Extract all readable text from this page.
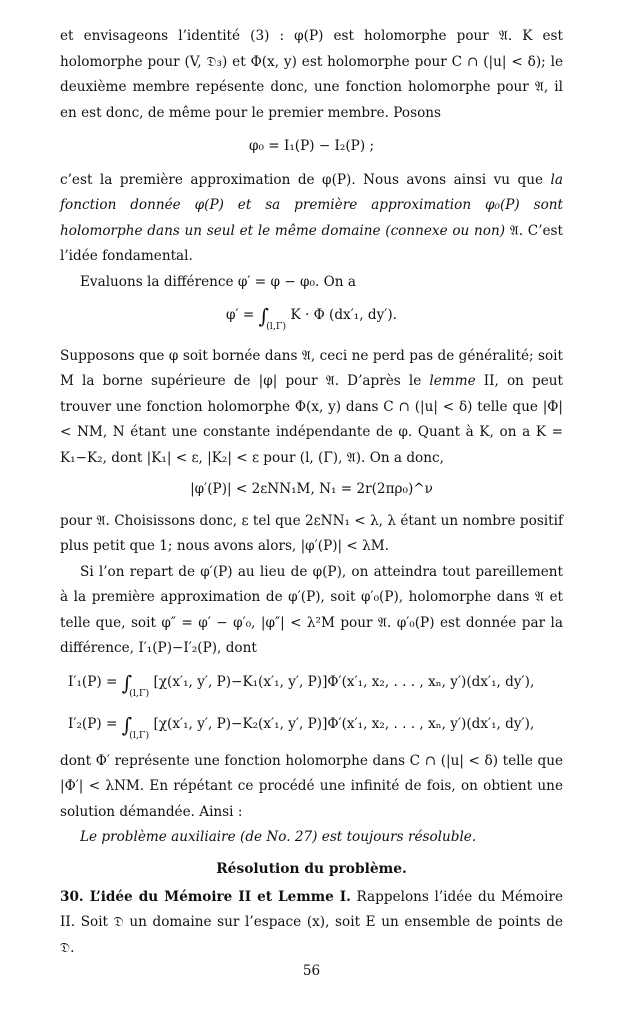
et envisageons l’identité (3) : φ(P) est holomorphe pour 𝔄. K est holomorphe pour (V, 𝔇₃) et Φ(x, y) est holomorphe pour C ∩ (|u| < δ); le deuxième membre repésente donc, une fonction holomorphe pour 𝔄, il en est donc, de même pour le premier membre. Posons

φ₀ = I₁(P) − I₂(P) ;

c’est la première approximation de φ(P). Nous avons ainsi vu que la fonction donnée φ(P) et sa première approximation φ₀(P) sont holomorphe dans un seul et le même domaine (connexe ou non) 𝔄. C’est l’idée fondamental.

Evaluons la différence φ′ = φ − φ₀. On a

$\varphi' = \int_{(l,\Gamma)}$ K · Φ (dx′₁, dy′).

Supposons que φ soit bornée dans 𝔄, ceci ne perd pas de généralité; soit M la borne supérieure de |φ| pour 𝔄. D’après le lemme II, on peut trouver une fonction holomorphe Φ(x, y) dans C ∩ (|u| < δ) telle que |Φ| < NM, N étant une constante indépendante de φ. Quant à K, on a K = K₁−K₂, dont |K₁| < ε, |K₂| < ε pour (l, (Γ̄), 𝔄). On a donc,

|φ′(P)| < 2εNN₁M, N₁ = 2r(2πρ₀)^ν

pour 𝔄. Choisissons donc, ε tel que 2εNN₁ < λ, λ étant un nombre positif plus petit que 1; nous avons alors, |φ′(P)| < λM.

Si l’on repart de φ′(P) au lieu de φ(P), on atteindra tout pareillement à la première approximation de φ′(P), soit φ′₀(P), holomorphe dans 𝔄 et telle que, soit φ″ = φ′ − φ′₀, |φ″| < λ²M pour 𝔄. φ′₀(P) est donnée par la différence, I′₁(P)−I′₂(P), dont

$I'_1(P) = \int_{(l,\Gamma)}$ [χ(x′₁, y′, P)−K₁(x′₁, y′, P)]Φ′(x′₁, x₂, . . . , xₙ, y′)(dx′₁, dy′),

$I'_2(P) = \int_{(l,\Gamma)}$ [χ(x′₁, y′, P)−K₂(x′₁, y′, P)]Φ′(x′₁, x₂, . . . , xₙ, y′)(dx′₁, dy′),

dont Φ′ représente une fonction holomorphe dans C ∩ (|u| < δ) telle que |Φ′| < λNM. En répétant ce procédé une infinité de fois, on obtient une solution démandée. Ainsi :

Le problème auxiliaire (de No. 27) est toujours résoluble.

Résolution du problème.

30. L’idée du Mémoire II et Lemme I. Rappelons l’idée du Mémoire II. Soit 𝔇 un domaine sur l’espace (x), soit E un ensemble de points de 𝔇.

56
